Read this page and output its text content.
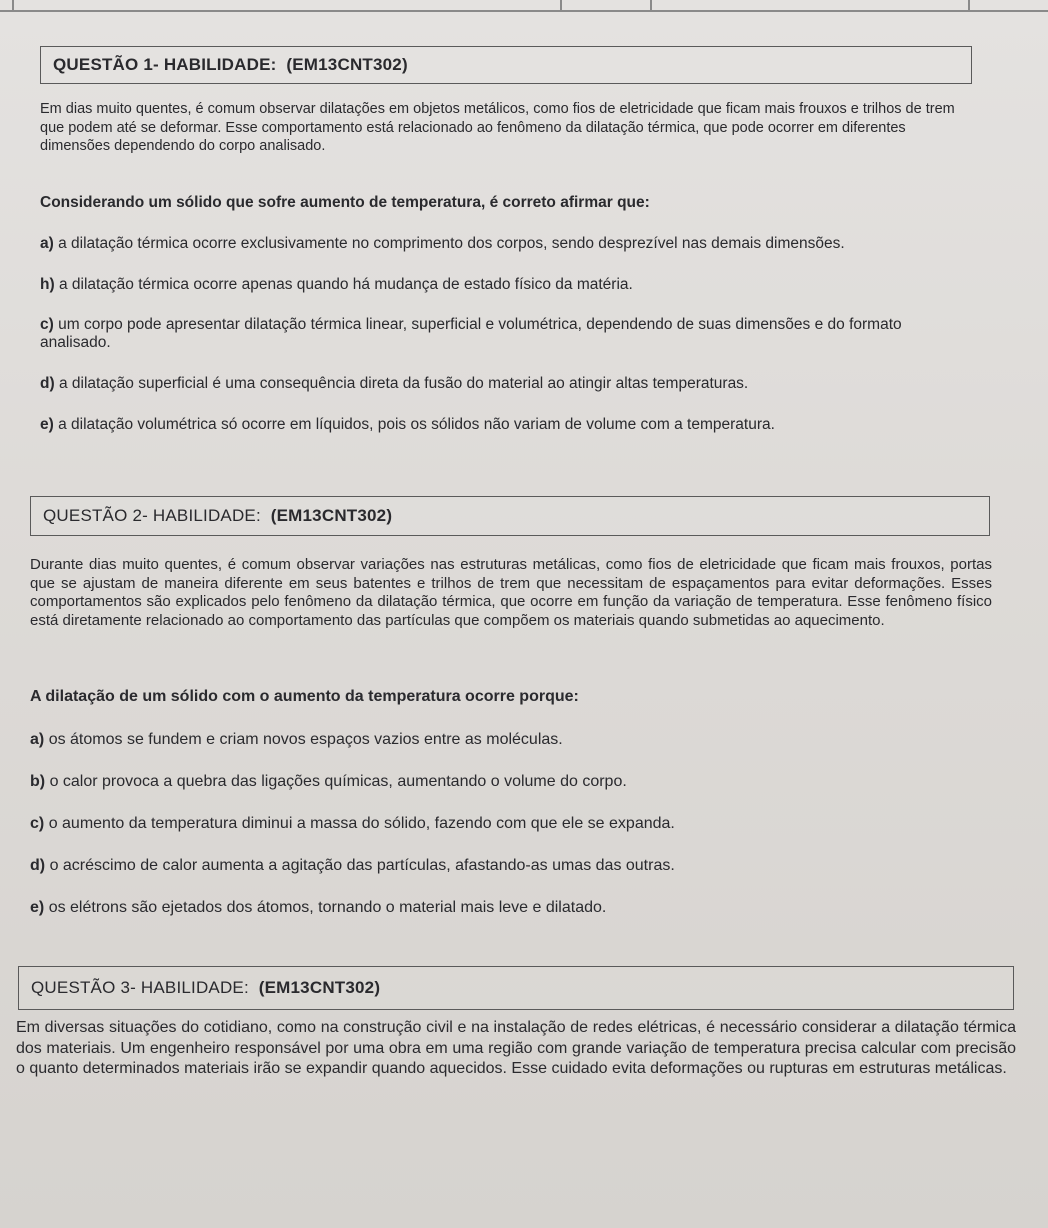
QUESTÃO 1- HABILIDADE:
(EM13CNT302)

Em dias muito quentes, é comum observar dilatações em objetos metálicos, como fios de eletricidade que ficam mais frouxos e trilhos de trem que podem até se deformar. Esse comportamento está relacionado ao fenômeno da dilatação térmica, que pode ocorrer em diferentes dimensões dependendo do corpo analisado.

Considerando um sólido que sofre aumento de temperatura, é correto afirmar que:

a) a dilatação térmica ocorre exclusivamente no comprimento dos corpos, sendo desprezível nas demais dimensões.

h) a dilatação térmica ocorre apenas quando há mudança de estado físico da matéria.

c) um corpo pode apresentar dilatação térmica linear, superficial e volumétrica, dependendo de suas dimensões e do formato analisado.

d) a dilatação superficial é uma consequência direta da fusão do material ao atingir altas temperaturas.

e) a dilatação volumétrica só ocorre em líquidos, pois os sólidos não variam de volume com a temperatura.

QUESTÃO 2- HABILIDADE:
(EM13CNT302)

Durante dias muito quentes, é comum observar variações nas estruturas metálicas, como fios de eletricidade que ficam mais frouxos, portas que se ajustam de maneira diferente em seus batentes e trilhos de trem que necessitam de espaçamentos para evitar deformações. Esses comportamentos são explicados pelo fenômeno da dilatação térmica, que ocorre em função da variação de temperatura. Esse fenômeno físico está diretamente relacionado ao comportamento das partículas que compõem os materiais quando submetidas ao aquecimento.

A dilatação de um sólido com o aumento da temperatura ocorre porque:

a) os átomos se fundem e criam novos espaços vazios entre as moléculas.

b) o calor provoca a quebra das ligações químicas, aumentando o volume do corpo.

c) o aumento da temperatura diminui a massa do sólido, fazendo com que ele se expanda.

d) o acréscimo de calor aumenta a agitação das partículas, afastando-as umas das outras.

e) os elétrons são ejetados dos átomos, tornando o material mais leve e dilatado.

QUESTÃO 3- HABILIDADE:
(EM13CNT302)

Em diversas situações do cotidiano, como na construção civil e na instalação de redes elétricas, é necessário considerar a dilatação térmica dos materiais. Um engenheiro responsável por uma obra em uma região com grande variação de temperatura precisa calcular com precisão o quanto determinados materiais irão se expandir quando aquecidos. Esse cuidado evita deformações ou rupturas em estruturas metálicas.
